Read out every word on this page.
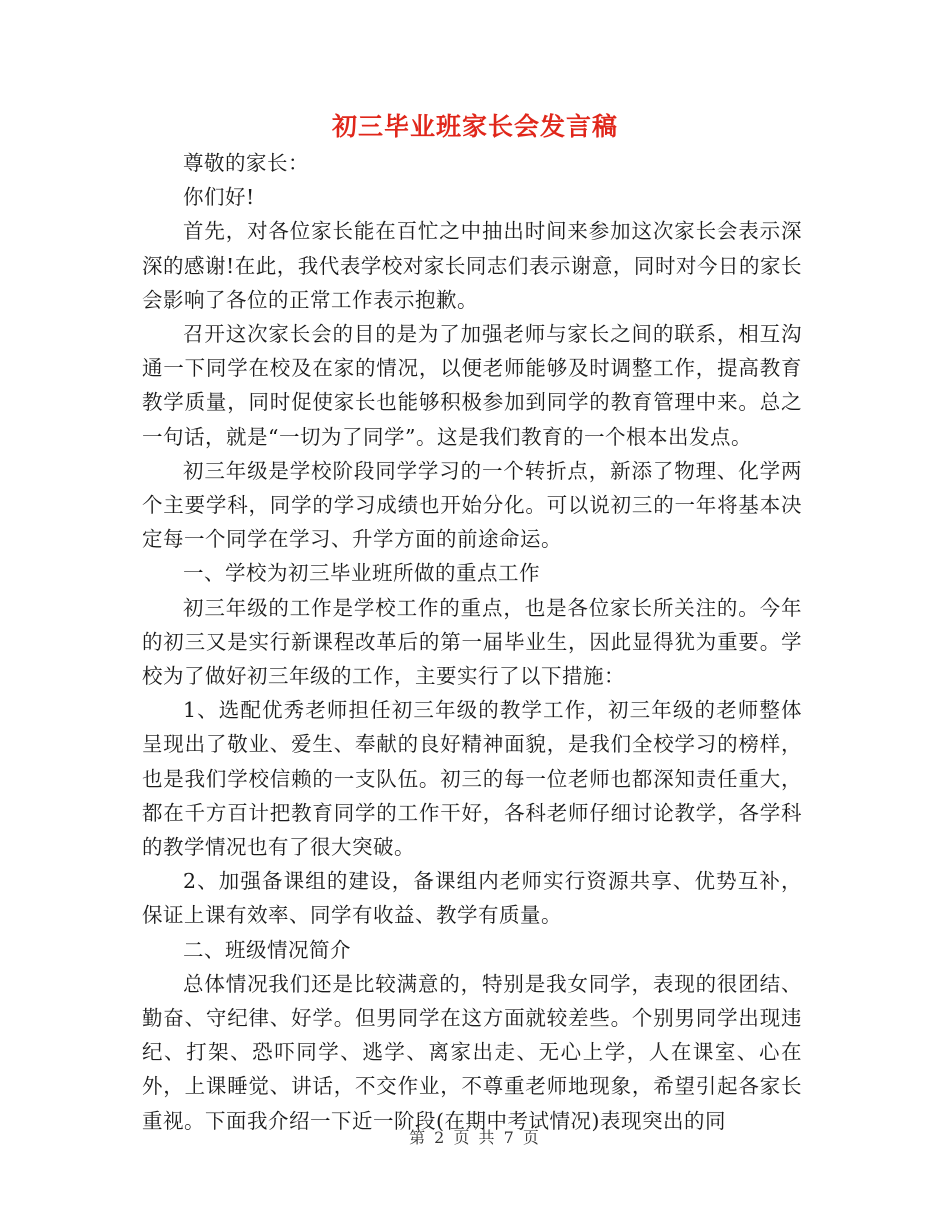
初三毕业班家长会发言稿

尊敬的家长：

你们好!

首先，对各位家长能在百忙之中抽出时间来参加这次家长会表示深深的感谢!在此，我代表学校对家长同志们表示谢意，同时对今日的家长会影响了各位的正常工作表示抱歉。

召开这次家长会的目的是为了加强老师与家长之间的联系，相互沟通一下同学在校及在家的情况，以便老师能够及时调整工作，提高教育教学质量，同时促使家长也能够积极参加到同学的教育管理中来。总之一句话，就是“一切为了同学”。这是我们教育的一个根本出发点。

初三年级是学校阶段同学学习的一个转折点，新添了物理、化学两个主要学科，同学的学习成绩也开始分化。可以说初三的一年将基本决定每一个同学在学习、升学方面的前途命运。

一、学校为初三毕业班所做的重点工作

初三年级的工作是学校工作的重点，也是各位家长所关注的。今年的初三又是实行新课程改革后的第一届毕业生，因此显得犹为重要。学校为了做好初三年级的工作，主要实行了以下措施：

1、选配优秀老师担任初三年级的教学工作，初三年级的老师整体呈现出了敬业、爱生、奉献的良好精神面貌，是我们全校学习的榜样，也是我们学校信赖的一支队伍。初三的每一位老师也都深知责任重大，都在千方百计把教育同学的工作干好，各科老师仔细讨论教学，各学科的教学情况也有了很大突破。

2、加强备课组的建设，备课组内老师实行资源共享、优势互补，保证上课有效率、同学有收益、教学有质量。

二、班级情况简介

总体情况我们还是比较满意的，特别是我女同学，表现的很团结、勤奋、守纪律、好学。但男同学在这方面就较差些。个别男同学出现违纪、打架、恐吓同学、逃学、离家出走、无心上学，人在课室、心在外，上课睡觉、讲话，不交作业，不尊重老师地现象，希望引起各家长重视。下面我介绍一下近一阶段(在期中考试情况)表现突出的同

第 2 页 共 7 页
